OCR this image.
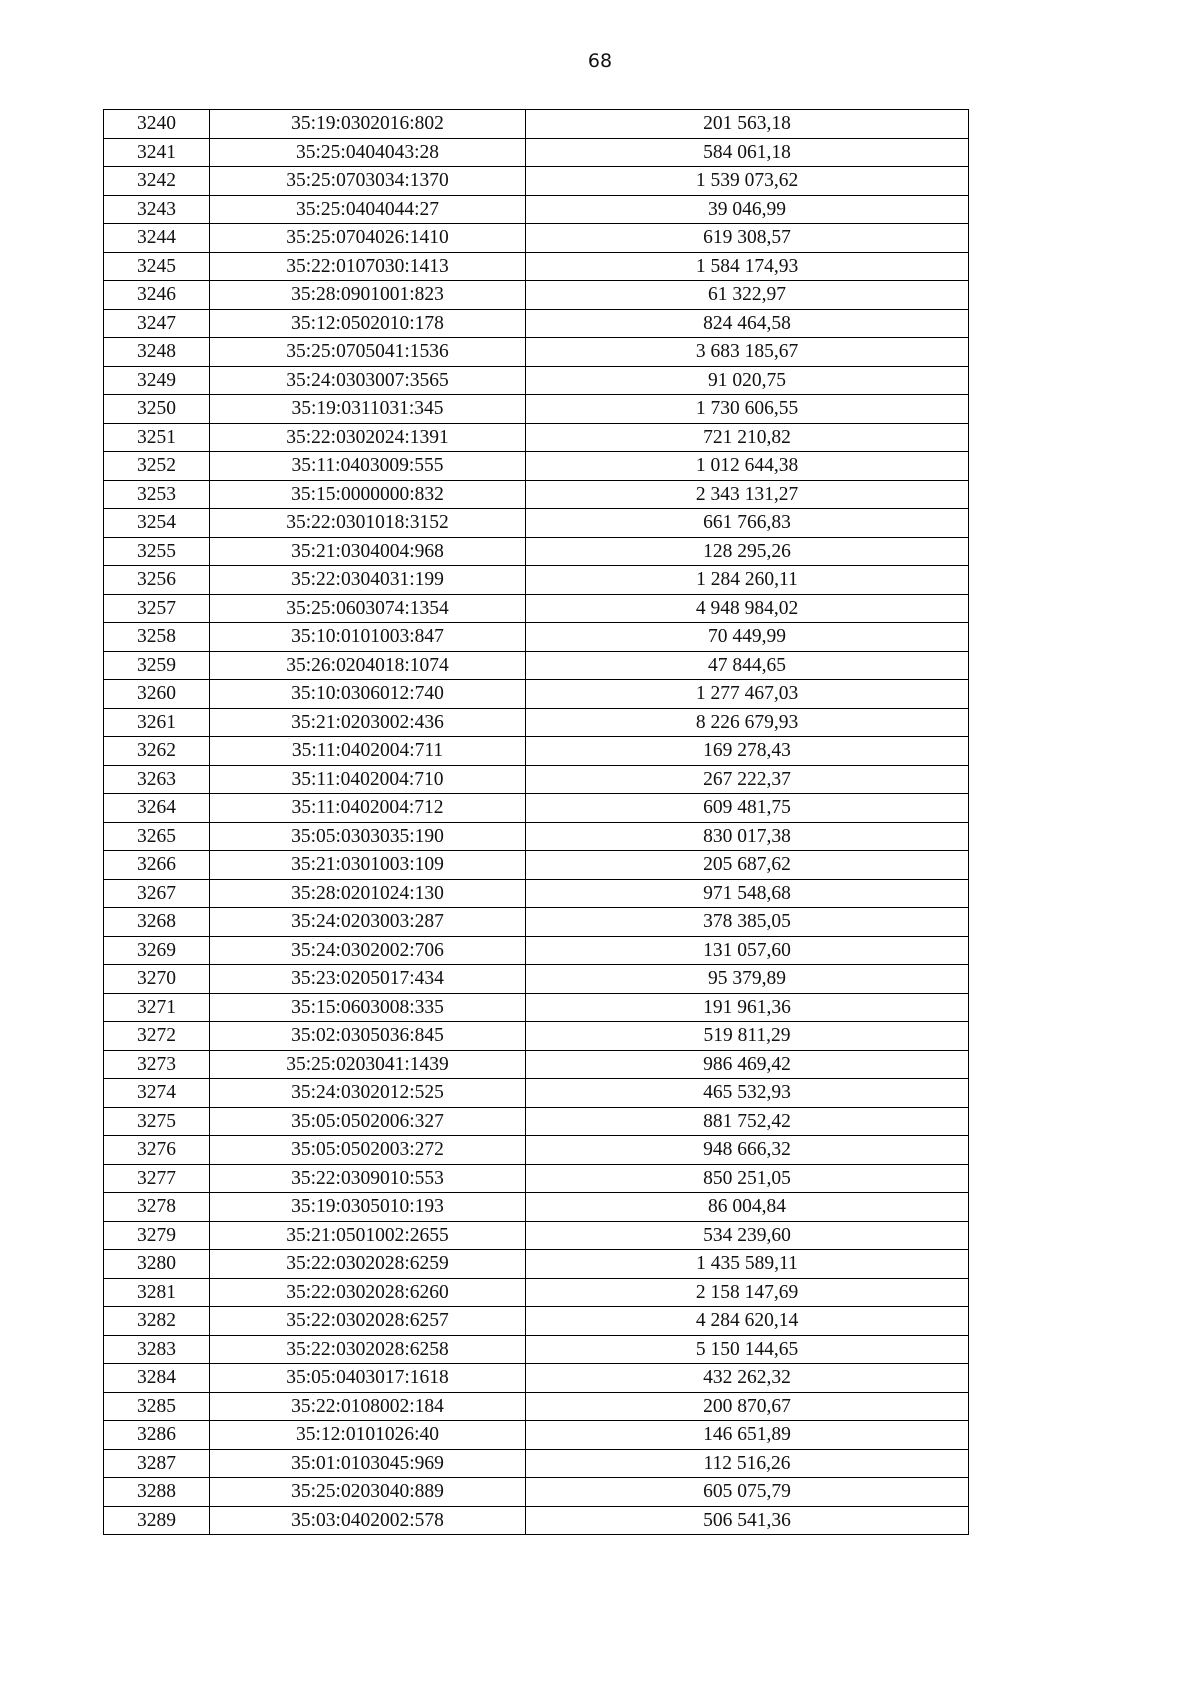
68
3240	35:19:0302016:802	201 563,18
3241	35:25:0404043:28	584 061,18
3242	35:25:0703034:1370	1 539 073,62
3243	35:25:0404044:27	39 046,99
3244	35:25:0704026:1410	619 308,57
3245	35:22:0107030:1413	1 584 174,93
3246	35:28:0901001:823	61 322,97
3247	35:12:0502010:178	824 464,58
3248	35:25:0705041:1536	3 683 185,67
3249	35:24:0303007:3565	91 020,75
3250	35:19:0311031:345	1 730 606,55
3251	35:22:0302024:1391	721 210,82
3252	35:11:0403009:555	1 012 644,38
3253	35:15:0000000:832	2 343 131,27
3254	35:22:0301018:3152	661 766,83
3255	35:21:0304004:968	128 295,26
3256	35:22:0304031:199	1 284 260,11
3257	35:25:0603074:1354	4 948 984,02
3258	35:10:0101003:847	70 449,99
3259	35:26:0204018:1074	47 844,65
3260	35:10:0306012:740	1 277 467,03
3261	35:21:0203002:436	8 226 679,93
3262	35:11:0402004:711	169 278,43
3263	35:11:0402004:710	267 222,37
3264	35:11:0402004:712	609 481,75
3265	35:05:0303035:190	830 017,38
3266	35:21:0301003:109	205 687,62
3267	35:28:0201024:130	971 548,68
3268	35:24:0203003:287	378 385,05
3269	35:24:0302002:706	131 057,60
3270	35:23:0205017:434	95 379,89
3271	35:15:0603008:335	191 961,36
3272	35:02:0305036:845	519 811,29
3273	35:25:0203041:1439	986 469,42
3274	35:24:0302012:525	465 532,93
3275	35:05:0502006:327	881 752,42
3276	35:05:0502003:272	948 666,32
3277	35:22:0309010:553	850 251,05
3278	35:19:0305010:193	86 004,84
3279	35:21:0501002:2655	534 239,60
3280	35:22:0302028:6259	1 435 589,11
3281	35:22:0302028:6260	2 158 147,69
3282	35:22:0302028:6257	4 284 620,14
3283	35:22:0302028:6258	5 150 144,65
3284	35:05:0403017:1618	432 262,32
3285	35:22:0108002:184	200 870,67
3286	35:12:0101026:40	146 651,89
3287	35:01:0103045:969	112 516,26
3288	35:25:0203040:889	605 075,79
3289	35:03:0402002:578	506 541,36
